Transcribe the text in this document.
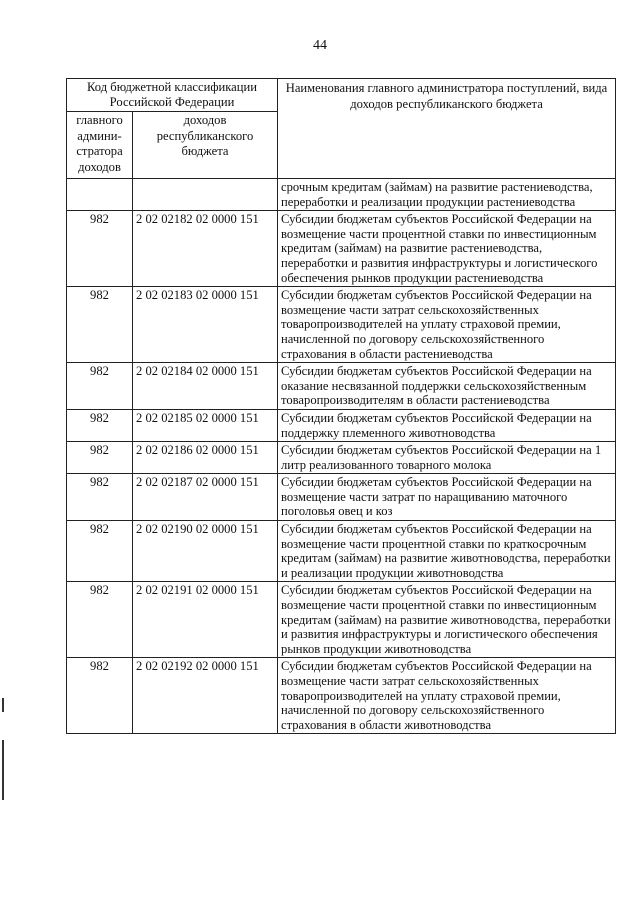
44
Код бюджетной классификации Российской Федерации		Наименования главного администратора поступлений, вида доходов республиканского бюджета
главного админи-стратора доходов	доходов республиканского бюджета	
		срочным кредитам (займам) на развитие растениеводства, переработки и реализации продукции растениеводства
982	2 02 02182 02 0000 151	Субсидии бюджетам субъектов Российской Федерации на возмещение части процентной ставки по инвестиционным кредитам (займам) на развитие растениеводства, переработки и развития инфраструктуры и логистического обеспечения рынков продукции растениеводства
982	2 02 02183 02 0000 151	Субсидии бюджетам субъектов Российской Федерации на возмещение части затрат сельскохозяйственных товаропроизводителей на уплату страховой премии, начисленной по договору сельскохозяйственного страхования в области растениеводства
982	2 02 02184 02 0000 151	Субсидии бюджетам субъектов Российской Федерации на оказание несвязанной поддержки сельскохозяйственным товаропроизводителям в области растениеводства
982	2 02 02185 02 0000 151	Субсидии бюджетам субъектов Российской Федерации на поддержку племенного животноводства
982	2 02 02186 02 0000 151	Субсидии бюджетам субъектов Российской Федерации на 1 литр реализованного товарного молока
982	2 02 02187 02 0000 151	Субсидии бюджетам субъектов Российской Федерации на возмещение части затрат по наращиванию маточного поголовья овец и коз
982	2 02 02190 02 0000 151	Субсидии бюджетам субъектов Российской Федерации на возмещение части процентной ставки по краткосрочным кредитам (займам) на развитие животноводства, переработки и реализации продукции животноводства
982	2 02 02191 02 0000 151	Субсидии бюджетам субъектов Российской Федерации на возмещение части процентной ставки по инвестиционным кредитам (займам) на развитие животноводства, переработки и развития инфраструктуры и логистического обеспечения рынков продукции животноводства
982	2 02 02192 02 0000 151	Субсидии бюджетам субъектов Российской Федерации на возмещение части затрат сельскохозяйственных товаропроизводителей на уплату страховой премии, начисленной по договору сельскохозяйственного страхования в области животноводства
